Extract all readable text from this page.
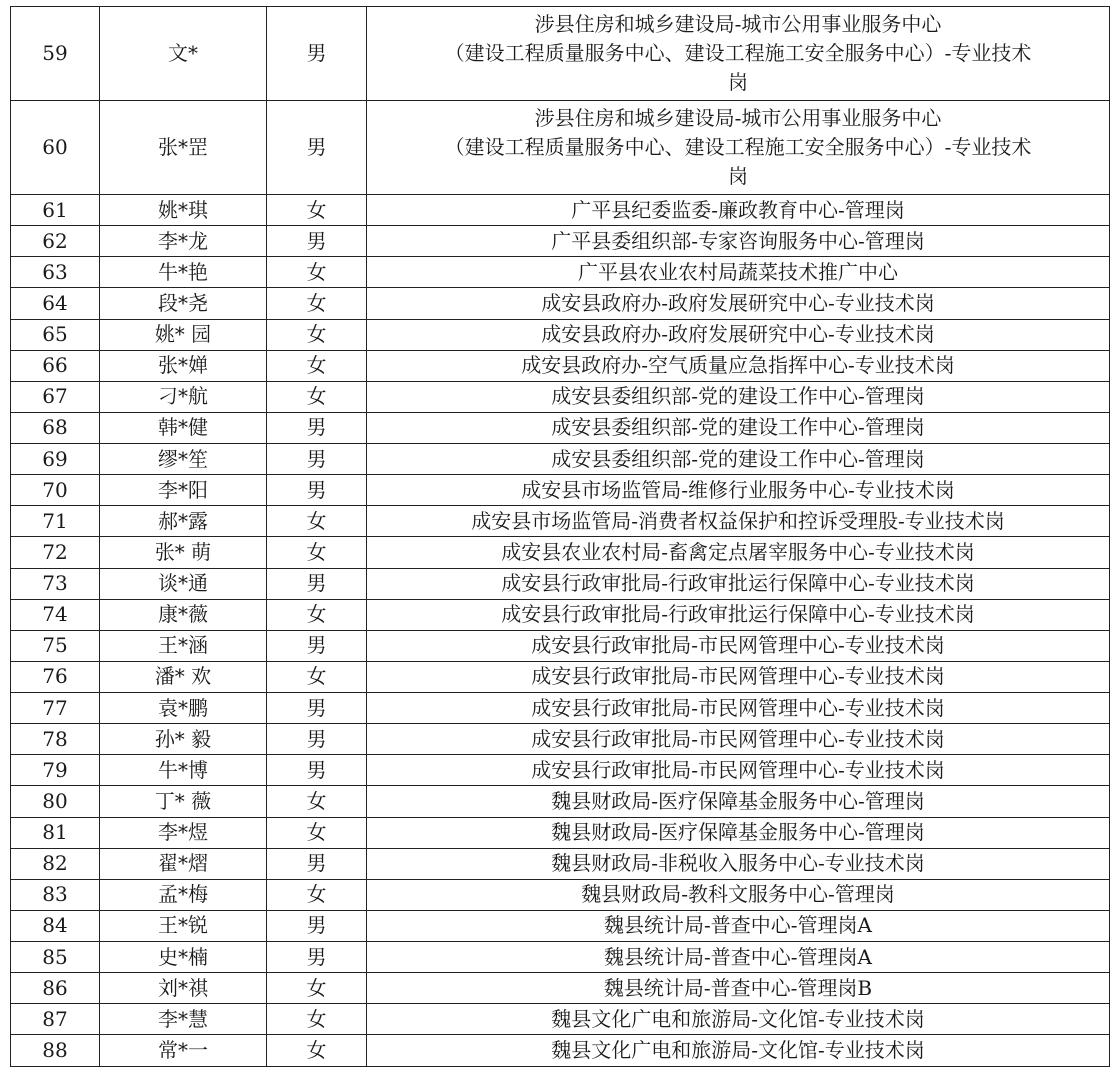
59	文*	男	涉县住房和城乡建设局-城市公用事业服务中心
（建设工程质量服务中心、建设工程施工安全服务中心）-专业技术
岗

60	张*罡	男	涉县住房和城乡建设局-城市公用事业服务中心
（建设工程质量服务中心、建设工程施工安全服务中心）-专业技术
岗

61	姚*琪	女	广平县纪委监委-廉政教育中心-管理岗
62	李*龙	男	广平县委组织部-专家咨询服务中心-管理岗
63	牛*艳	女	广平县农业农村局蔬菜技术推广中心
64	段*尧	女	成安县政府办-政府发展研究中心-专业技术岗
65	姚* 园	女	成安县政府办-政府发展研究中心-专业技术岗
66	张*婵	女	成安县政府办-空气质量应急指挥中心-专业技术岗
67	刁*航	女	成安县委组织部-党的建设工作中心-管理岗
68	韩*健	男	成安县委组织部-党的建设工作中心-管理岗
69	缪*笙	男	成安县委组织部-党的建设工作中心-管理岗
70	李*阳	男	成安县市场监管局-维修行业服务中心-专业技术岗
71	郝*露	女	成安县市场监管局-消费者权益保护和控诉受理股-专业技术岗
72	张* 萌	女	成安县农业农村局-畜禽定点屠宰服务中心-专业技术岗
73	谈*通	男	成安县行政审批局-行政审批运行保障中心-专业技术岗
74	康*薇	女	成安县行政审批局-行政审批运行保障中心-专业技术岗
75	王*涵	男	成安县行政审批局-市民网管理中心-专业技术岗
76	潘* 欢	女	成安县行政审批局-市民网管理中心-专业技术岗
77	袁*鹏	男	成安县行政审批局-市民网管理中心-专业技术岗
78	孙* 毅	男	成安县行政审批局-市民网管理中心-专业技术岗
79	牛*博	男	成安县行政审批局-市民网管理中心-专业技术岗
80	丁* 薇	女	魏县财政局-医疗保障基金服务中心-管理岗
81	李*煜	女	魏县财政局-医疗保障基金服务中心-管理岗
82	翟*熠	男	魏县财政局-非税收入服务中心-专业技术岗
83	孟*梅	女	魏县财政局-教科文服务中心-管理岗
84	王*锐	男	魏县统计局-普查中心-管理岗A
85	史*楠	男	魏县统计局-普查中心-管理岗A
86	刘*祺	女	魏县统计局-普查中心-管理岗B
87	李*慧	女	魏县文化广电和旅游局-文化馆-专业技术岗
88	常*一	女	魏县文化广电和旅游局-文化馆-专业技术岗
